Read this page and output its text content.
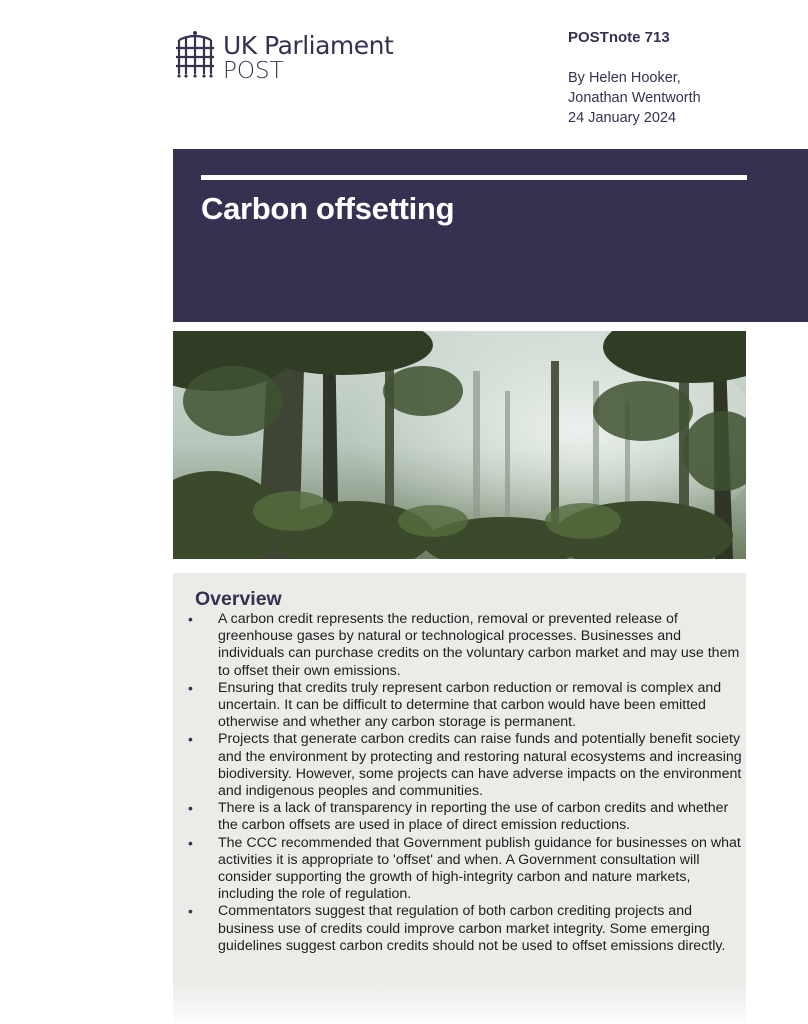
UK Parliament
POST
POSTnote 713
By Helen Hooker,
Jonathan Wentworth
24 January 2024
Carbon offsetting
Overview
• A carbon credit represents the reduction, removal or prevented release of greenhouse gases by natural or technological processes. Businesses and individuals can purchase credits on the voluntary carbon market and may use them to offset their own emissions.
• Ensuring that credits truly represent carbon reduction or removal is complex and uncertain. It can be difficult to determine that carbon would have been emitted otherwise and whether any carbon storage is permanent.
• Projects that generate carbon credits can raise funds and potentially benefit society and the environment by protecting and restoring natural ecosystems and increasing biodiversity. However, some projects can have adverse impacts on the environment and indigenous peoples and communities.
• There is a lack of transparency in reporting the use of carbon credits and whether the carbon offsets are used in place of direct emission reductions.
• The CCC recommended that Government publish guidance for businesses on what activities it is appropriate to 'offset' and when. A Government consultation will consider supporting the growth of high-integrity carbon and nature markets, including the role of regulation.
• Commentators suggest that regulation of both carbon crediting projects and business use of credits could improve carbon market integrity. Some emerging guidelines suggest carbon credits should not be used to offset emissions directly.
